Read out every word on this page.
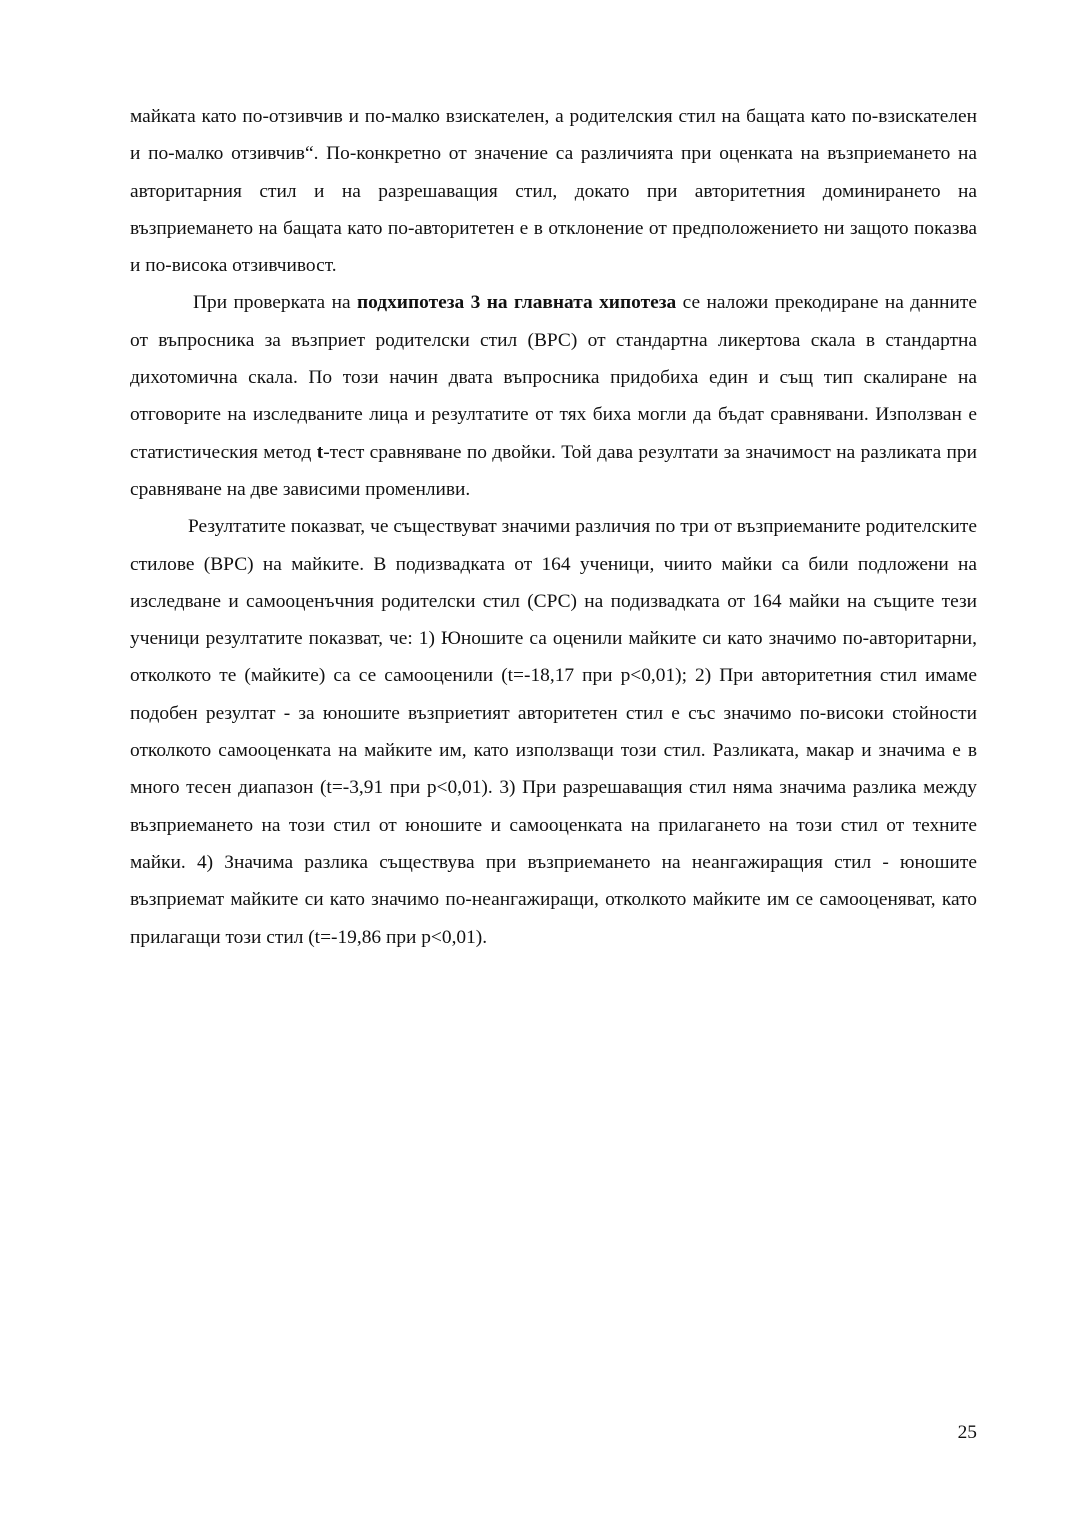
майката като по-отзивчив и по-малко взискателен, а родителския стил на бащата като по-взискателен и по-малко отзивчив“. По-конкретно от значение са различията при оценката на възприемането на авторитарния стил и на разрешаващия стил, докато при авторитетния доминирането на възприемането на бащата като по-авторитетен е в отклонение от предположението ни защото показва и по-висока отзивчивост.

При проверката на подхипотеза 3 на главната хипотеза се наложи прекодиране на данните от въпросника за възприет родителски стил (ВРС) от стандартна ликертова скала в стандартна дихотомична скала. По този начин двата въпросника придобиха един и същ тип скалиране на отговорите на изследваните лица и резултатите от тях биха могли да бъдат сравнявани. Използван е статистическия метод t-тест сравняване по двойки. Той дава резултати за значимост на разликата при сравняване на две зависими променливи.

Резултатите показват, че съществуват значими различия по три от възприеманите родителските стилове (ВРС) на майките. В подизвадката от 164 ученици, чиито майки са били подложени на изследване и самооценъчния родителски стил (СРС) на подизвадката от 164 майки на същите тези ученици резултатите показват, че: 1) Юношите са оценили майките си като значимо по-авторитарни, отколкото те (майките) са се самооценили (t=-18,17 при p<0,01); 2) При авторитетния стил имаме подобен резултат - за юношите възприетият авторитетен стил е със значимо по-високи стойности отколкото самооценката на майките им, като използващи този стил. Разликата, макар и значима е в много тесен диапазон (t=-3,91 при p<0,01). 3) При разрешаващия стил няма значима разлика между възприемането на този стил от юношите и самооценката на прилагането на този стил от техните майки. 4) Значима разлика съществува при възприемането на неангажиращия стил - юношите възприемат майките си като значимо по-неангажиращи, отколкото майките им се самооценяват, като прилагащи този стил (t=-19,86 при p<0,01).

25
